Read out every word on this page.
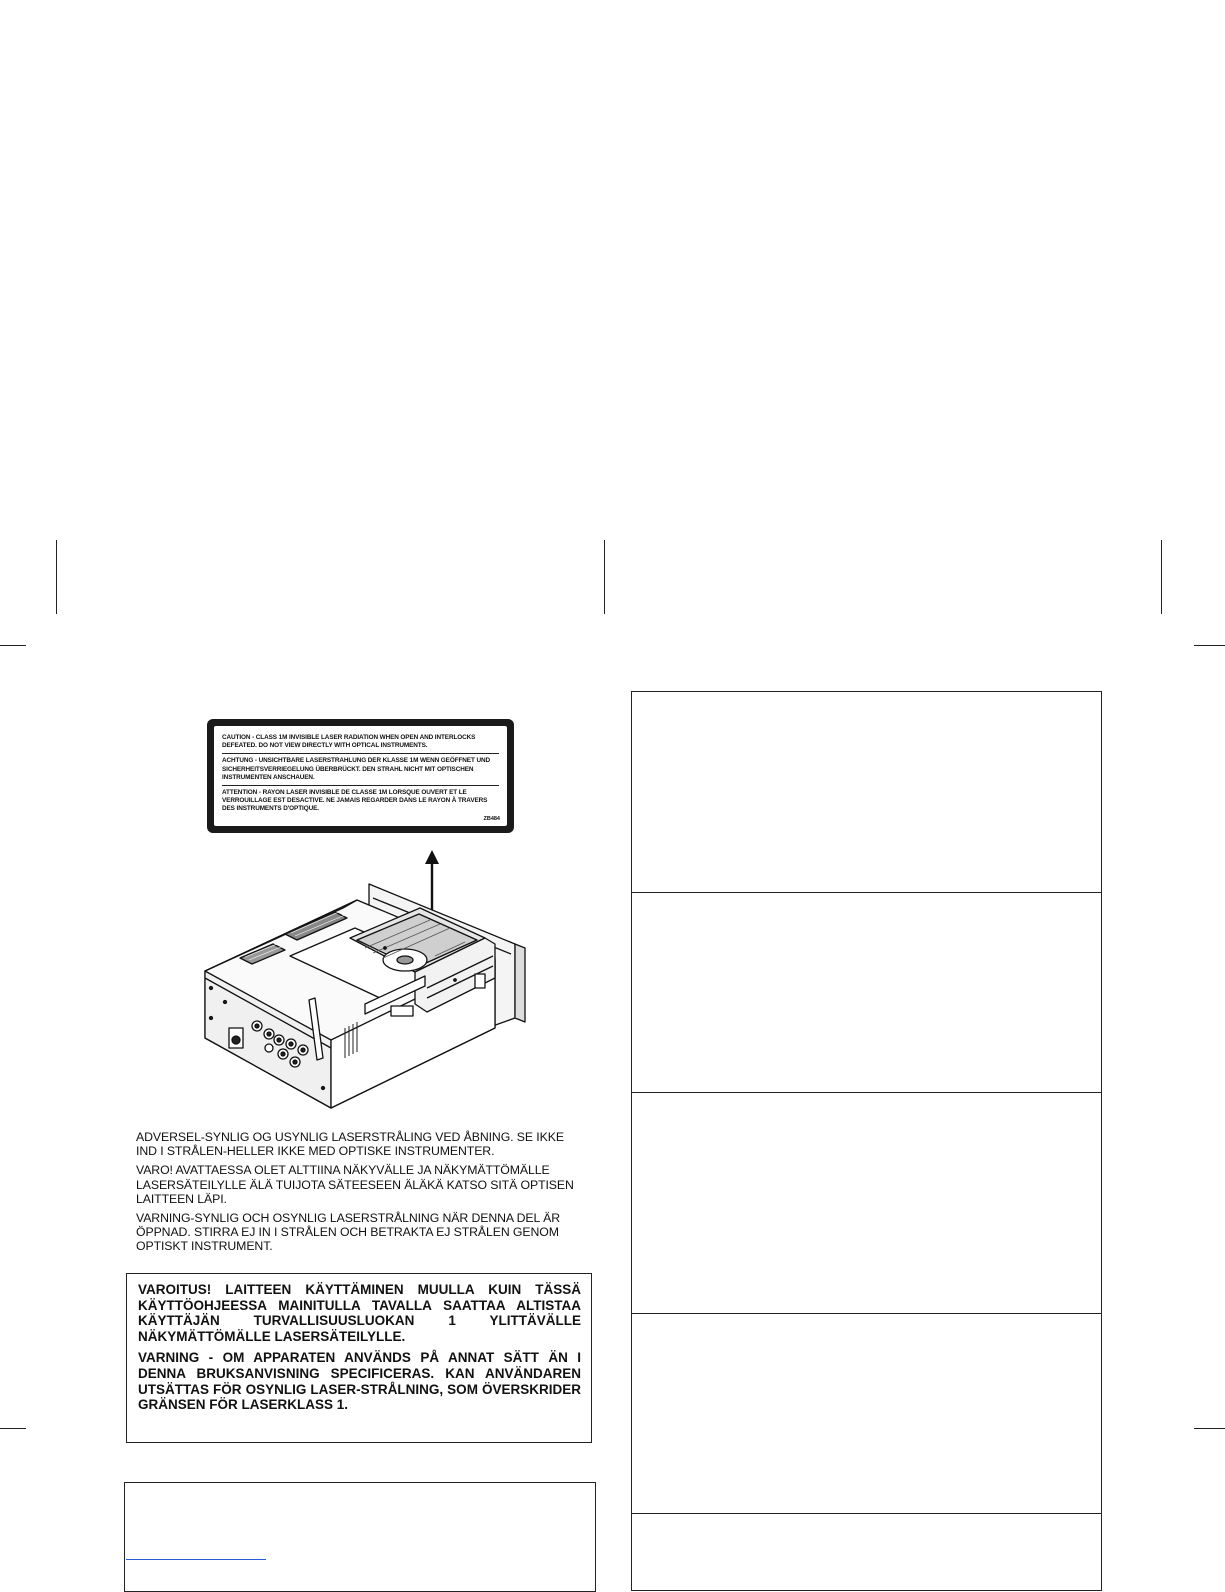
CAUTION - CLASS 1M INVISIBLE LASER RADIATION WHEN OPEN AND INTERLOCKS DEFEATED. DO NOT VIEW DIRECTLY WITH OPTICAL INSTRUMENTS.
ACHTUNG - UNSICHTBARE LASERSTRAHLUNG DER KLASSE 1M WENN GEÖFFNET UND SICHERHEITSVERRIEGELUNG ÜBERBRÜCKT. DEN STRAHL NICHT MIT OPTISCHEN INSTRUMENTEN ANSCHAUEN.
ATTENTION - RAYON LASER INVISIBLE DE CLASSE 1M LORSQUE OUVERT ET LE VERROUILLAGE EST DESACTIVE. NE JAMAIS REGARDER DANS LE RAYON À TRAVERS DES INSTRUMENTS D'OPTIQUE.
ZB484

ADVERSEL-SYNLIG OG USYNLIG LASERSTRÅLING VED ÅBNING. SE IKKE IND I STRÅLEN-HELLER IKKE MED OPTISKE INSTRUMENTER.

VARO! AVATTAESSA OLET ALTTIINA NÄKYVÄLLE JA NÄKYMÄTTÖMÄLLE LASERSÄTEILYLLE ÄLÄ TUIJOTA SÄTEESEEN ÄLÄKÄ KATSO SITÄ OPTISEN LAITTEEN LÄPI.

VARNING-SYNLIG OCH OSYNLIG LASERSTRÅLNING NÄR DENNA DEL ÄR ÖPPNAD. STIRRA EJ IN I STRÅLEN OCH BETRAKTA EJ STRÅLEN GENOM OPTISKT INSTRUMENT.

VAROITUS! LAITTEEN KÄYTTÄMINEN MUULLA KUIN TÄSSÄ KÄYTTÖOHJEESSA MAINITULLA TAVALLA SAATTAA ALTISTAA KÄYTTÄJÄN TURVALLISUUSLUOKAN 1 YLITTÄVÄLLE NÄKYMÄTTÖMÄLLE LASERSÄTEILYLLE.

VARNING - OM APPARATEN ANVÄNDS PÅ ANNAT SÄTT ÄN I DENNA BRUKSANVISNING SPECIFICERAS. KAN ANVÄNDAREN UTSÄTTAS FÖR OSYNLIG LASER-STRÅLNING, SOM ÖVERSKRIDER GRÄNSEN FÖR LASERKLASS 1.
